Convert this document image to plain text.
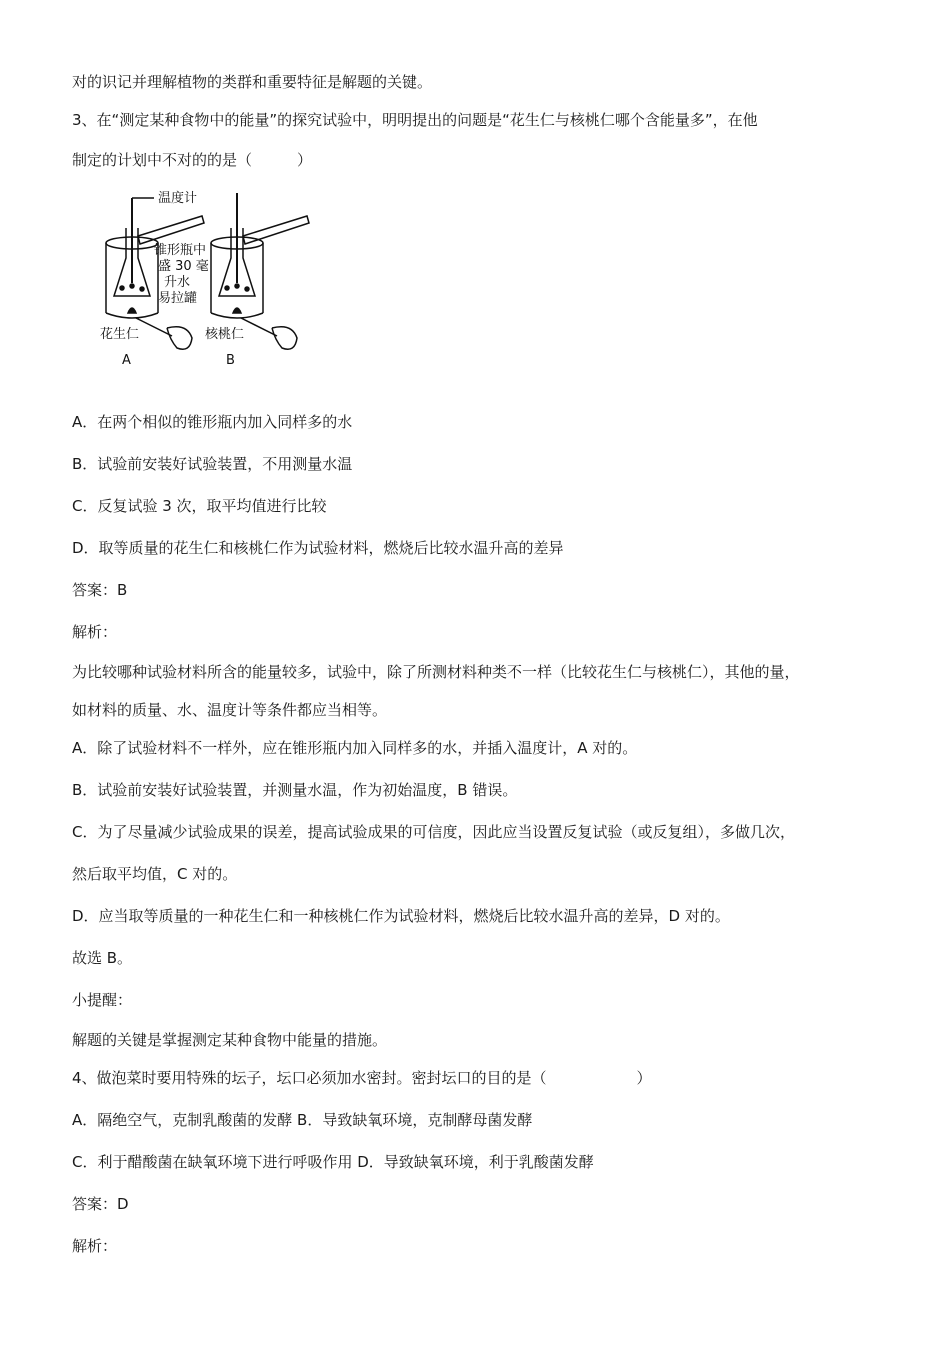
对的识记并理解植物的类群和重要特征是解题的关键。
3、在“测定某种食物中的能量”的探究试验中，明明提出的问题是“花生仁与核桃仁哪个含能量多”，在他
制定的计划中不对的的是（　　　）
温度计
锥形瓶中
盛 30 毫
升水
易拉罐
花生仁	核桃仁
A	B
A．在两个相似的锥形瓶内加入同样多的水
B．试验前安装好试验装置，不用测量水温
C．反复试验 3 次，取平均值进行比较
D．取等质量的花生仁和核桃仁作为试验材料，燃烧后比较水温升高的差异
答案：B
解析：
为比较哪种试验材料所含的能量较多，试验中，除了所测材料种类不一样（比较花生仁与核桃仁），其他的量，
如材料的质量、水、温度计等条件都应当相等。
A．除了试验材料不一样外，应在锥形瓶内加入同样多的水，并插入温度计，A 对的。
B．试验前安装好试验装置，并测量水温，作为初始温度，B 错误。
C．为了尽量减少试验成果的误差，提高试验成果的可信度，因此应当设置反复试验（或反复组），多做几次，
然后取平均值，C 对的。
D．应当取等质量的一种花生仁和一种核桃仁作为试验材料，燃烧后比较水温升高的差异，D 对的。
故选 B。
小提醒：
解题的关键是掌握测定某种食物中能量的措施。
4、做泡菜时要用特殊的坛子，坛口必须加水密封。密封坛口的目的是（　　　　　　）
A．隔绝空气，克制乳酸菌的发酵 B．导致缺氧环境，克制酵母菌发酵
C．利于醋酸菌在缺氧环境下进行呼吸作用 D．导致缺氧环境，利于乳酸菌发酵
答案：D
解析：
